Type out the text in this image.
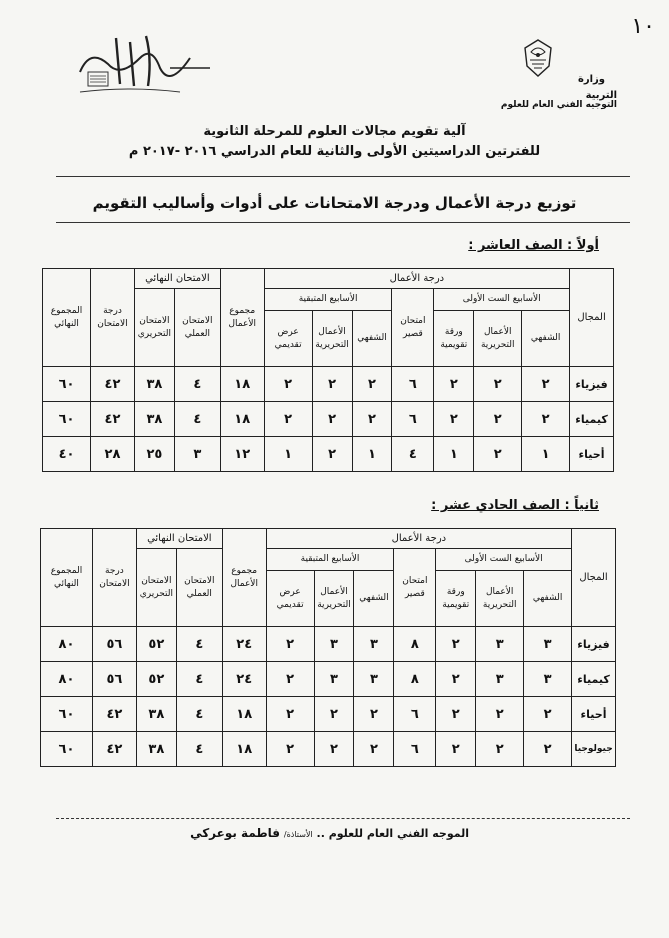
١٠
وزارة
التربية
التوجيه الفني العام للعلوم
آلية تقويم مجالات العلوم للمرحلة الثانوية
للفترتين الدراسيتين الأولى والثانية للعام الدراسي ٢٠١٦ -٢٠١٧ م
توزيع درجة الأعمال ودرجة الامتحانات على أدوات وأساليب التقويم
أولاً : الصف العاشر :
المجال	درجة الأعمال							مجموع الأعمال	الامتحان النهائي		درجة الامتحان	المجموع النهائي
	الأسابيع الست الأولى			امتحان قصير	الأسابيع المتبقية				الامتحان العملي	الامتحان التحريري		
	الشفهي	الأعمال التحريرية	ورقة تقويمية		الشفهي	الأعمال التحريرية	عرض تقديمي					
فيزياء	٢	٢	٢	٦	٢	٢	٢	١٨	٤	٣٨	٤٢	٦٠
كيمياء	٢	٢	٢	٦	٢	٢	٢	١٨	٤	٣٨	٤٢	٦٠
أحياء	١	٢	١	٤	١	٢	١	١٢	٣	٢٥	٢٨	٤٠
ثانياً : الصف الحادي عشر :
المجال	درجة الأعمال							مجموع الأعمال	الامتحان النهائي		درجة الامتحان	المجموع النهائي
	الأسابيع الست الأولى			امتحان قصير	الأسابيع المتبقية				الامتحان العملي	الامتحان التحريري		
	الشفهي	الأعمال التحريرية	ورقة تقويمية		الشفهي	الأعمال التحريرية	عرض تقديمي					
فيزياء	٣	٣	٢	٨	٣	٣	٢	٢٤	٤	٥٢	٥٦	٨٠
كيمياء	٣	٣	٢	٨	٣	٣	٢	٢٤	٤	٥٢	٥٦	٨٠
أحياء	٢	٢	٢	٦	٢	٢	٢	١٨	٤	٣٨	٤٢	٦٠
جيولوجيا	٢	٢	٢	٦	٢	٢	٢	١٨	٤	٣٨	٤٢	٦٠
الموجه الفني العام للعلوم .. الأستاذة/ فاطمة بوعركي
